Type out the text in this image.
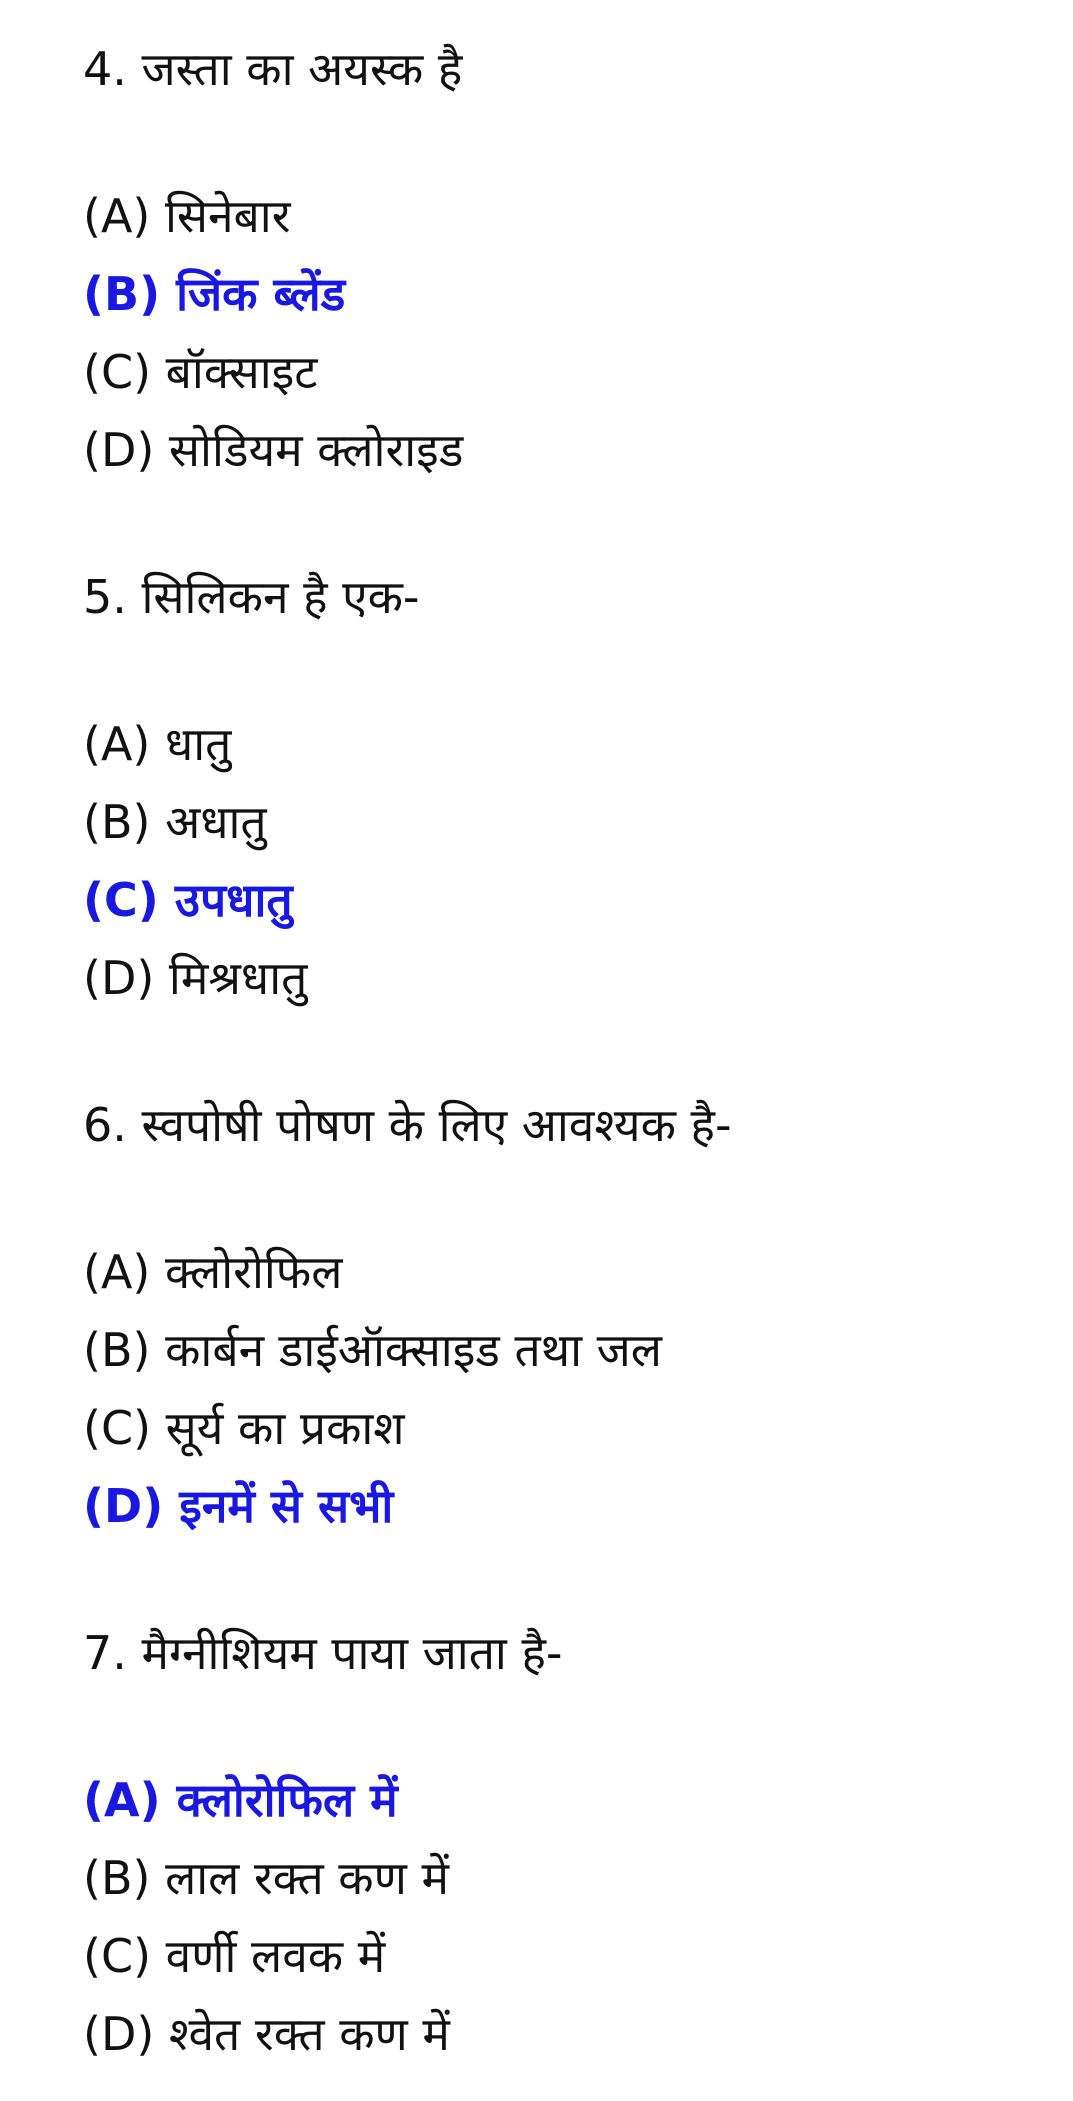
4. जस्ता का अयस्क है
(A) सिनेबार
(B) जिंक ब्लेंड
(C) बॉक्साइट
(D) सोडियम क्लोराइड
5. सिलिकन है एक-
(A) धातु
(B) अधातु
(C) उपधातु
(D) मिश्रधातु
6. स्वपोषी पोषण के लिए आवश्यक है-
(A) क्लोरोफिल
(B) कार्बन डाईऑक्साइड तथा जल
(C) सूर्य का प्रकाश
(D) इनमें से सभी
7. मैग्नीशियम पाया जाता है-
(A) क्लोरोफिल में
(B) लाल रक्त कण में
(C) वर्णी लवक में
(D) श्वेत रक्त कण में
